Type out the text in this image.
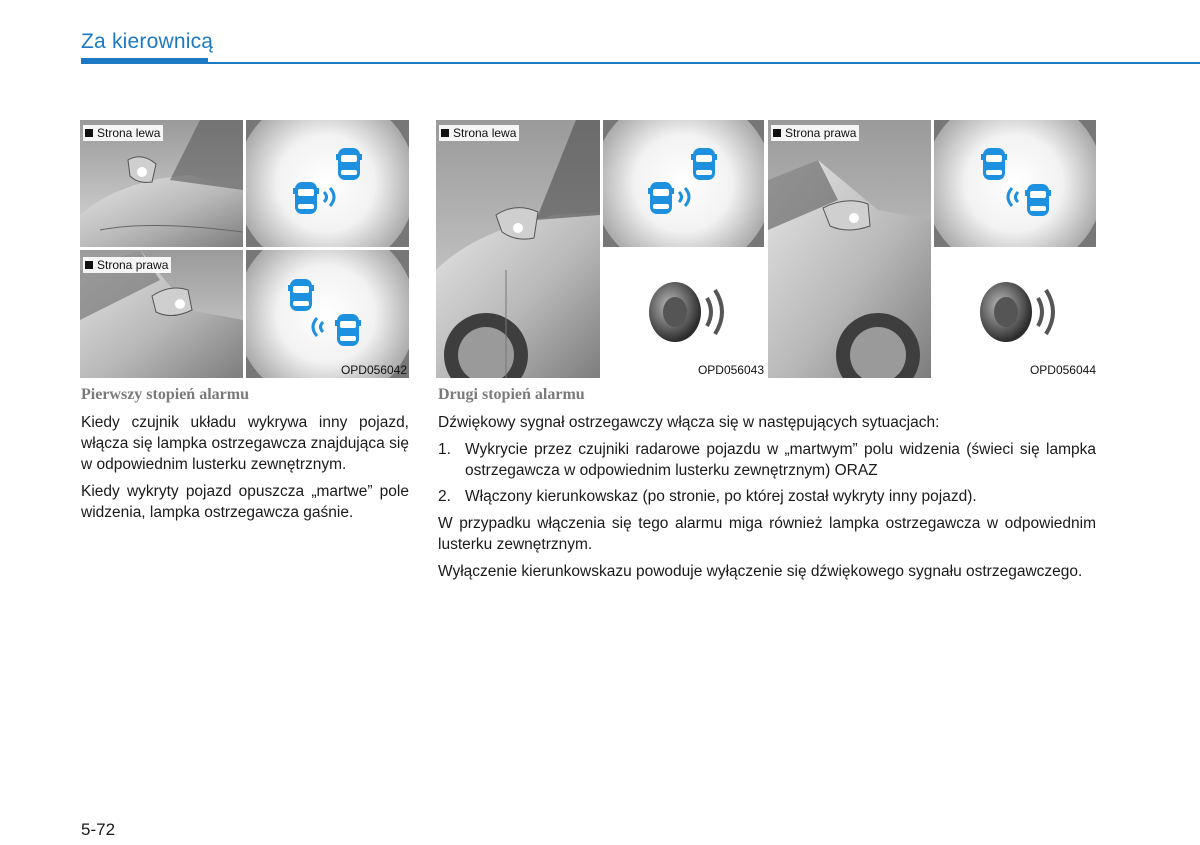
Za kierownicą
Strona lewa
Strona prawa
OPD056042
Strona lewa
OPD056043
Strona prawa
OPD056044
Pierwszy stopień alarmu

Kiedy czujnik układu wykrywa inny pojazd, włącza się lampka ostrzegawcza znajdująca się w odpowiednim lusterku zewnętrznym.

Kiedy wykryty pojazd opuszcza „martwe” pole widzenia, lampka ostrzegawcza gaśnie.

Drugi stopień alarmu

Dźwiękowy sygnał ostrzegawczy włącza się w następujących sytuacjach:

1. Wykrycie przez czujniki radarowe pojazdu w „martwym” polu widzenia (świeci się lampka ostrzegawcza w odpowiednim lusterku zewnętrznym) ORAZ
2. Włączony kierunkowskaz (po stronie, po której został wykryty inny pojazd).

W przypadku włączenia się tego alarmu miga również lampka ostrzegawcza w odpowiednim lusterku zewnętrznym.

Wyłączenie kierunkowskazu powoduje wyłączenie się dźwiękowego sygnału ostrzegawczego.

5-72
